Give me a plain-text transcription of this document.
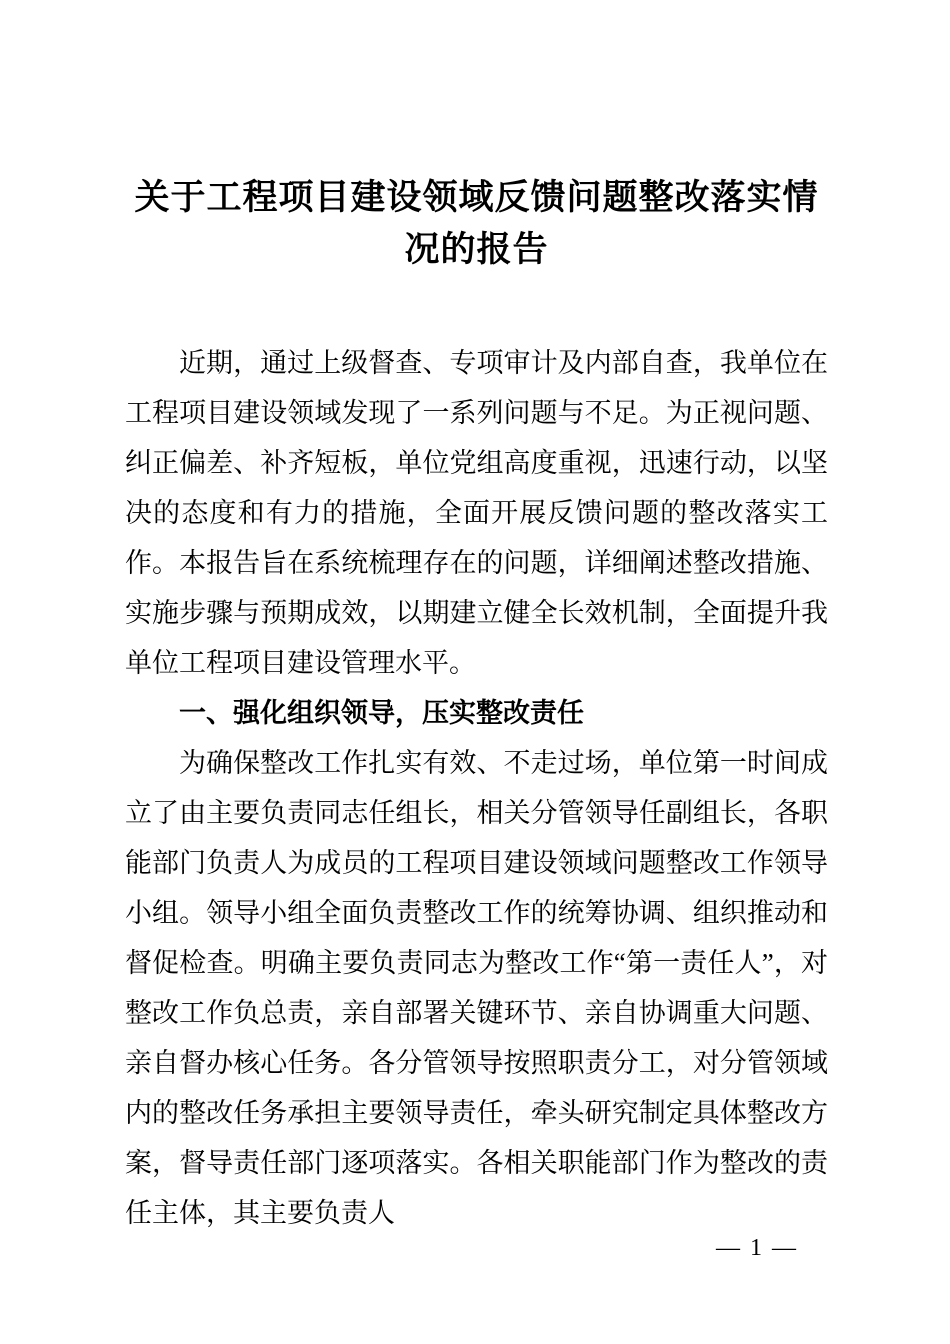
关于工程项目建设领域反馈问题整改落实情况的报告

近期，通过上级督查、专项审计及内部自查，我单位在工程项目建设领域发现了一系列问题与不足。为正视问题、纠正偏差、补齐短板，单位党组高度重视，迅速行动，以坚决的态度和有力的措施，全面开展反馈问题的整改落实工作。本报告旨在系统梳理存在的问题，详细阐述整改措施、实施步骤与预期成效，以期建立健全长效机制，全面提升我单位工程项目建设管理水平。

一、强化组织领导，压实整改责任

为确保整改工作扎实有效、不走过场，单位第一时间成立了由主要负责同志任组长，相关分管领导任副组长，各职能部门负责人为成员的工程项目建设领域问题整改工作领导小组。领导小组全面负责整改工作的统筹协调、组织推动和督促检查。明确主要负责同志为整改工作“第一责任人”，对整改工作负总责，亲自部署关键环节、亲自协调重大问题、亲自督办核心任务。各分管领导按照职责分工，对分管领域内的整改任务承担主要领导责任，牵头研究制定具体整改方案，督导责任部门逐项落实。各相关职能部门作为整改的责任主体，其主要负责人

— 1 —
